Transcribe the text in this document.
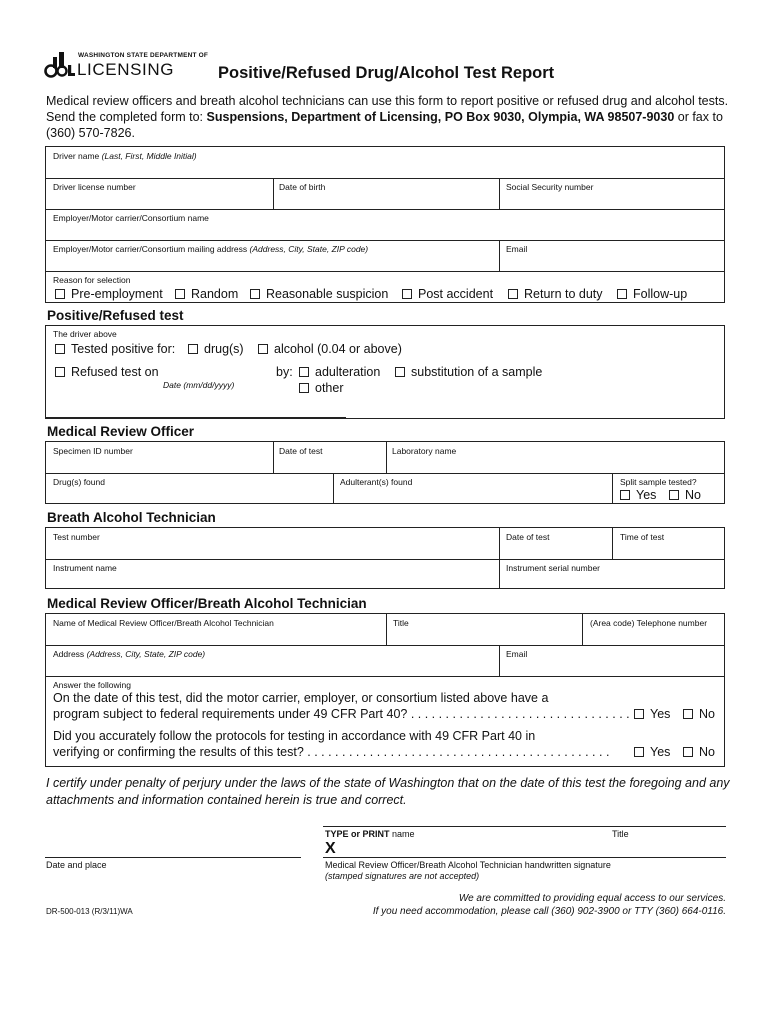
WASHINGTON STATE DEPARTMENT OF
LICENSING	Positive/Refused Drug/Alcohol Test Report
Medical review officers and breath alcohol technicians can use this form to report positive or refused drug and alcohol tests. Send the completed form to: Suspensions, Department of Licensing, PO Box 9030, Olympia, WA 98507-9030 or fax to (360) 570-7826.
Driver name (Last, First, Middle Initial)
Driver license number	Date of birth	Social Security number
Employer/Motor carrier/Consortium name
Employer/Motor carrier/Consortium mailing address (Address, City, State, ZIP code)	Email
Reason for selection
Pre-employment Random Reasonable suspicion Post accident Return to duty Follow-up
Positive/Refused test
The driver above
Tested positive for: drug(s) alcohol (0.04 or above)
Refused test on
Date (mm/dd/yyyy)
by: adulteration substitution of a sample
other
Medical Review Officer
Specimen ID number	Date of test	Laboratory name
Drug(s) found	Adulterant(s) found	Split sample tested?
Yes No
Breath Alcohol Technician
Test number	Date of test	Time of test
Instrument name	Instrument serial number
Medical Review Officer/Breath Alcohol Technician
Name of Medical Review Officer/Breath Alcohol Technician	Title	(Area code) Telephone number
Address (Address, City, State, ZIP code)	Email
Answer the following
On the date of this test, did the motor carrier, employer, or consortium listed above have a
program subject to federal requirements under 49 CFR Part 40? . . . . . . . . . . . . . . . . . . . . . . . . . . . . . . . . Yes No
Did you accurately follow the protocols for testing in accordance with 49 CFR Part 40 in
verifying or confirming the results of this test? . . . . . . . . . . . . . . . . . . . . . . . . . . . . . . . . . . . . . . . . . . . .	Yes No
I certify under penalty of perjury under the laws of the state of Washington that on the date of this test the foregoing and any attachments and information contained herein is true and correct.
TYPE or PRINT name	Title
X
Date and place	Medical Review Officer/Breath Alcohol Technician handwritten signature
(stamped signatures are not accepted)
DR-500-013 (R/3/11)WA
We are committed to providing equal access to our services.
If you need accommodation, please call (360) 902-3900 or TTY (360) 664-0116.
